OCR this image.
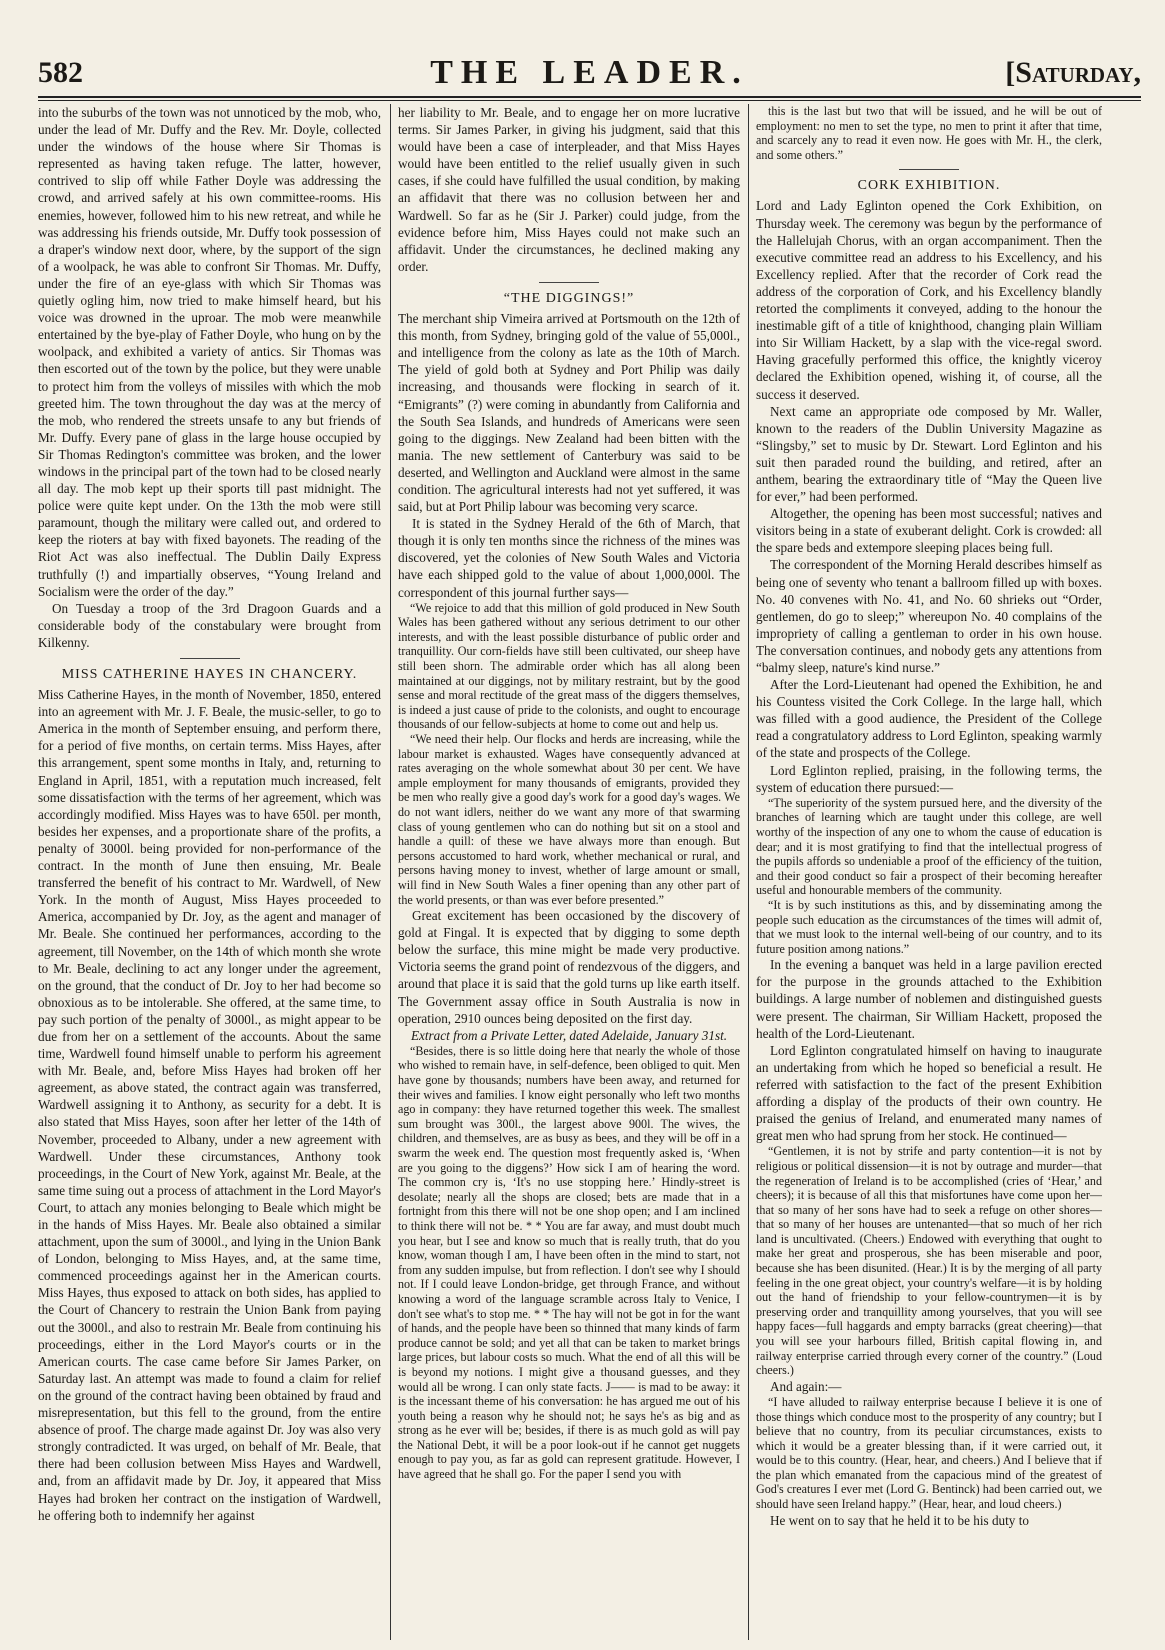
582	THE LEADER.	[Saturday,

into the suburbs of the town was not unnoticed by the mob, who, under the lead of Mr. Duffy and the Rev. Mr. Doyle, collected under the windows of the house where Sir Thomas is represented as having taken refuge. The latter, however, contrived to slip off while Father Doyle was addressing the crowd, and arrived safely at his own committee-rooms. His enemies, however, followed him to his new retreat, and while he was addressing his friends outside, Mr. Duffy took possession of a draper's window next door, where, by the support of the sign of a woolpack, he was able to confront Sir Thomas. Mr. Duffy, under the fire of an eye-glass with which Sir Thomas was quietly ogling him, now tried to make himself heard, but his voice was drowned in the uproar. The mob were meanwhile entertained by the bye-play of Father Doyle, who hung on by the woolpack, and exhibited a variety of antics. Sir Thomas was then escorted out of the town by the police, but they were unable to protect him from the volleys of missiles with which the mob greeted him. The town throughout the day was at the mercy of the mob, who rendered the streets unsafe to any but friends of Mr. Duffy. Every pane of glass in the large house occupied by Sir Thomas Redington's committee was broken, and the lower windows in the principal part of the town had to be closed nearly all day. The mob kept up their sports till past midnight. The police were quite kept under. On the 13th the mob were still paramount, though the military were called out, and ordered to keep the rioters at bay with fixed bayonets. The reading of the Riot Act was also ineffectual. The Dublin Daily Express truthfully (!) and impartially observes, “Young Ireland and Socialism were the order of the day.”

On Tuesday a troop of the 3rd Dragoon Guards and a considerable body of the constabulary were brought from Kilkenny.

MISS CATHERINE HAYES IN CHANCERY.

Miss Catherine Hayes, in the month of November, 1850, entered into an agreement with Mr. J. F. Beale, the music-seller, to go to America in the month of September ensuing, and perform there, for a period of five months, on certain terms. Miss Hayes, after this arrangement, spent some months in Italy, and, returning to England in April, 1851, with a reputation much increased, felt some dissatisfaction with the terms of her agreement, which was accordingly modified. Miss Hayes was to have 650l. per month, besides her expenses, and a proportionate share of the profits, a penalty of 3000l. being provided for non-performance of the contract. In the month of June then ensuing, Mr. Beale transferred the benefit of his contract to Mr. Wardwell, of New York. In the month of August, Miss Hayes proceeded to America, accompanied by Dr. Joy, as the agent and manager of Mr. Beale. She continued her performances, according to the agreement, till November, on the 14th of which month she wrote to Mr. Beale, declining to act any longer under the agreement, on the ground, that the conduct of Dr. Joy to her had become so obnoxious as to be intolerable. She offered, at the same time, to pay such portion of the penalty of 3000l., as might appear to be due from her on a settlement of the accounts. About the same time, Wardwell found himself unable to perform his agreement with Mr. Beale, and, before Miss Hayes had broken off her agreement, as above stated, the contract again was transferred, Wardwell assigning it to Anthony, as security for a debt. It is also stated that Miss Hayes, soon after her letter of the 14th of November, proceeded to Albany, under a new agreement with Wardwell. Under these circumstances, Anthony took proceedings, in the Court of New York, against Mr. Beale, at the same time suing out a process of attachment in the Lord Mayor's Court, to attach any monies belonging to Beale which might be in the hands of Miss Hayes. Mr. Beale also obtained a similar attachment, upon the sum of 3000l., and lying in the Union Bank of London, belonging to Miss Hayes, and, at the same time, commenced proceedings against her in the American courts. Miss Hayes, thus exposed to attack on both sides, has applied to the Court of Chancery to restrain the Union Bank from paying out the 3000l., and also to restrain Mr. Beale from continuing his proceedings, either in the Lord Mayor's courts or in the American courts. The case came before Sir James Parker, on Saturday last. An attempt was made to found a claim for relief on the ground of the contract having been obtained by fraud and misrepresentation, but this fell to the ground, from the entire absence of proof. The charge made against Dr. Joy was also very strongly contradicted. It was urged, on behalf of Mr. Beale, that there had been collusion between Miss Hayes and Wardwell, and, from an affidavit made by Dr. Joy, it appeared that Miss Hayes had broken her contract on the instigation of Wardwell, he offering both to indemnify her against

her liability to Mr. Beale, and to engage her on more lucrative terms. Sir James Parker, in giving his judgment, said that this would have been a case of interpleader, and that Miss Hayes would have been entitled to the relief usually given in such cases, if she could have fulfilled the usual condition, by making an affidavit that there was no collusion between her and Wardwell. So far as he (Sir J. Parker) could judge, from the evidence before him, Miss Hayes could not make such an affidavit. Under the circumstances, he declined making any order.

“THE DIGGINGS!”

The merchant ship Vimeira arrived at Portsmouth on the 12th of this month, from Sydney, bringing gold of the value of 55,000l., and intelligence from the colony as late as the 10th of March. The yield of gold both at Sydney and Port Philip was daily increasing, and thousands were flocking in search of it. “Emigrants” (?) were coming in abundantly from California and the South Sea Islands, and hundreds of Americans were seen going to the diggings. New Zealand had been bitten with the mania. The new settlement of Canterbury was said to be deserted, and Wellington and Auckland were almost in the same condition. The agricultural interests had not yet suffered, it was said, but at Port Philip labour was becoming very scarce.

It is stated in the Sydney Herald of the 6th of March, that though it is only ten months since the richness of the mines was discovered, yet the colonies of New South Wales and Victoria have each shipped gold to the value of about 1,000,000l. The correspondent of this journal further says—

“We rejoice to add that this million of gold produced in New South Wales has been gathered without any serious detriment to our other interests, and with the least possible disturbance of public order and tranquillity. Our corn-fields have still been cultivated, our sheep have still been shorn. The admirable order which has all along been maintained at our diggings, not by military restraint, but by the good sense and moral rectitude of the great mass of the diggers themselves, is indeed a just cause of pride to the colonists, and ought to encourage thousands of our fellow-subjects at home to come out and help us.

“We need their help. Our flocks and herds are increasing, while the labour market is exhausted. Wages have consequently advanced at rates averaging on the whole somewhat about 30 per cent. We have ample employment for many thousands of emigrants, provided they be men who really give a good day's work for a good day's wages. We do not want idlers, neither do we want any more of that swarming class of young gentlemen who can do nothing but sit on a stool and handle a quill: of these we have always more than enough. But persons accustomed to hard work, whether mechanical or rural, and persons having money to invest, whether of large amount or small, will find in New South Wales a finer opening than any other part of the world presents, or than was ever before presented.”

Great excitement has been occasioned by the discovery of gold at Fingal. It is expected that by digging to some depth below the surface, this mine might be made very productive. Victoria seems the grand point of rendezvous of the diggers, and around that place it is said that the gold turns up like earth itself. The Government assay office in South Australia is now in operation, 2910 ounces being deposited on the first day.

Extract from a Private Letter, dated Adelaide, January 31st.

“Besides, there is so little doing here that nearly the whole of those who wished to remain have, in self-defence, been obliged to quit. Men have gone by thousands; numbers have been away, and returned for their wives and families. I know eight personally who left two months ago in company: they have returned together this week. The smallest sum brought was 300l., the largest above 900l. The wives, the children, and themselves, are as busy as bees, and they will be off in a swarm the week end. The question most frequently asked is, ‘When are you going to the diggens?’ How sick I am of hearing the word. The common cry is, ‘It's no use stopping here.’ Hindly-street is desolate; nearly all the shops are closed; bets are made that in a fortnight from this there will not be one shop open; and I am inclined to think there will not be. * * You are far away, and must doubt much you hear, but I see and know so much that is really truth, that do you know, woman though I am, I have been often in the mind to start, not from any sudden impulse, but from reflection. I don't see why I should not. If I could leave London-bridge, get through France, and without knowing a word of the language scramble across Italy to Venice, I don't see what's to stop me. * * The hay will not be got in for the want of hands, and the people have been so thinned that many kinds of farm produce cannot be sold; and yet all that can be taken to market brings large prices, but labour costs so much. What the end of all this will be is beyond my notions. I might give a thousand guesses, and they would all be wrong. I can only state facts. J—— is mad to be away: it is the incessant theme of his conversation: he has argued me out of his youth being a reason why he should not; he says he's as big and as strong as he ever will be; besides, if there is as much gold as will pay the National Debt, it will be a poor look-out if he cannot get nuggets enough to pay you, as far as gold can represent gratitude. However, I have agreed that he shall go. For the paper I send you with

this is the last but two that will be issued, and he will be out of employment: no men to set the type, no men to print it after that time, and scarcely any to read it even now. He goes with Mr. H., the clerk, and some others.”

CORK EXHIBITION.

Lord and Lady Eglinton opened the Cork Exhibition, on Thursday week. The ceremony was begun by the performance of the Hallelujah Chorus, with an organ accompaniment. Then the executive committee read an address to his Excellency, and his Excellency replied. After that the recorder of Cork read the address of the corporation of Cork, and his Excellency blandly retorted the compliments it conveyed, adding to the honour the inestimable gift of a title of knighthood, changing plain William into Sir William Hackett, by a slap with the vice-regal sword. Having gracefully performed this office, the knightly viceroy declared the Exhibition opened, wishing it, of course, all the success it deserved.

Next came an appropriate ode composed by Mr. Waller, known to the readers of the Dublin University Magazine as “Slingsby,” set to music by Dr. Stewart. Lord Eglinton and his suit then paraded round the building, and retired, after an anthem, bearing the extraordinary title of “May the Queen live for ever,” had been performed.

Altogether, the opening has been most successful; natives and visitors being in a state of exuberant delight. Cork is crowded: all the spare beds and extempore sleeping places being full.

The correspondent of the Morning Herald describes himself as being one of seventy who tenant a ballroom filled up with boxes. No. 40 convenes with No. 41, and No. 60 shrieks out “Order, gentlemen, do go to sleep;” whereupon No. 40 complains of the impropriety of calling a gentleman to order in his own house. The conversation continues, and nobody gets any attentions from “balmy sleep, nature's kind nurse.”

After the Lord-Lieutenant had opened the Exhibition, he and his Countess visited the Cork College. In the large hall, which was filled with a good audience, the President of the College read a congratulatory address to Lord Eglinton, speaking warmly of the state and prospects of the College.

Lord Eglinton replied, praising, in the following terms, the system of education there pursued:—

“The superiority of the system pursued here, and the diversity of the branches of learning which are taught under this college, are well worthy of the inspection of any one to whom the cause of education is dear; and it is most gratifying to find that the intellectual progress of the pupils affords so undeniable a proof of the efficiency of the tuition, and their good conduct so fair a prospect of their becoming hereafter useful and honourable members of the community.

“It is by such institutions as this, and by disseminating among the people such education as the circumstances of the times will admit of, that we must look to the internal well-being of our country, and to its future position among nations.”

In the evening a banquet was held in a large pavilion erected for the purpose in the grounds attached to the Exhibition buildings. A large number of noblemen and distinguished guests were present. The chairman, Sir William Hackett, proposed the health of the Lord-Lieutenant.

Lord Eglinton congratulated himself on having to inaugurate an undertaking from which he hoped so beneficial a result. He referred with satisfaction to the fact of the present Exhibition affording a display of the products of their own country. He praised the genius of Ireland, and enumerated many names of great men who had sprung from her stock. He continued—

“Gentlemen, it is not by strife and party contention—it is not by religious or political dissension—it is not by outrage and murder—that the regeneration of Ireland is to be accomplished (cries of ‘Hear,’ and cheers); it is because of all this that misfortunes have come upon her—that so many of her sons have had to seek a refuge on other shores—that so many of her houses are untenanted—that so much of her rich land is uncultivated. (Cheers.) Endowed with everything that ought to make her great and prosperous, she has been miserable and poor, because she has been disunited. (Hear.) It is by the merging of all party feeling in the one great object, your country's welfare—it is by holding out the hand of friendship to your fellow-countrymen—it is by preserving order and tranquillity among yourselves, that you will see happy faces—full haggards and empty barracks (great cheering)—that you will see your harbours filled, British capital flowing in, and railway enterprise carried through every corner of the country.” (Loud cheers.)

And again:—

“I have alluded to railway enterprise because I believe it is one of those things which conduce most to the prosperity of any country; but I believe that no country, from its peculiar circumstances, exists to which it would be a greater blessing than, if it were carried out, it would be to this country. (Hear, hear, and cheers.) And I believe that if the plan which emanated from the capacious mind of the greatest of God's creatures I ever met (Lord G. Bentinck) had been carried out, we should have seen Ireland happy.” (Hear, hear, and loud cheers.)

He went on to say that he held it to be his duty to
